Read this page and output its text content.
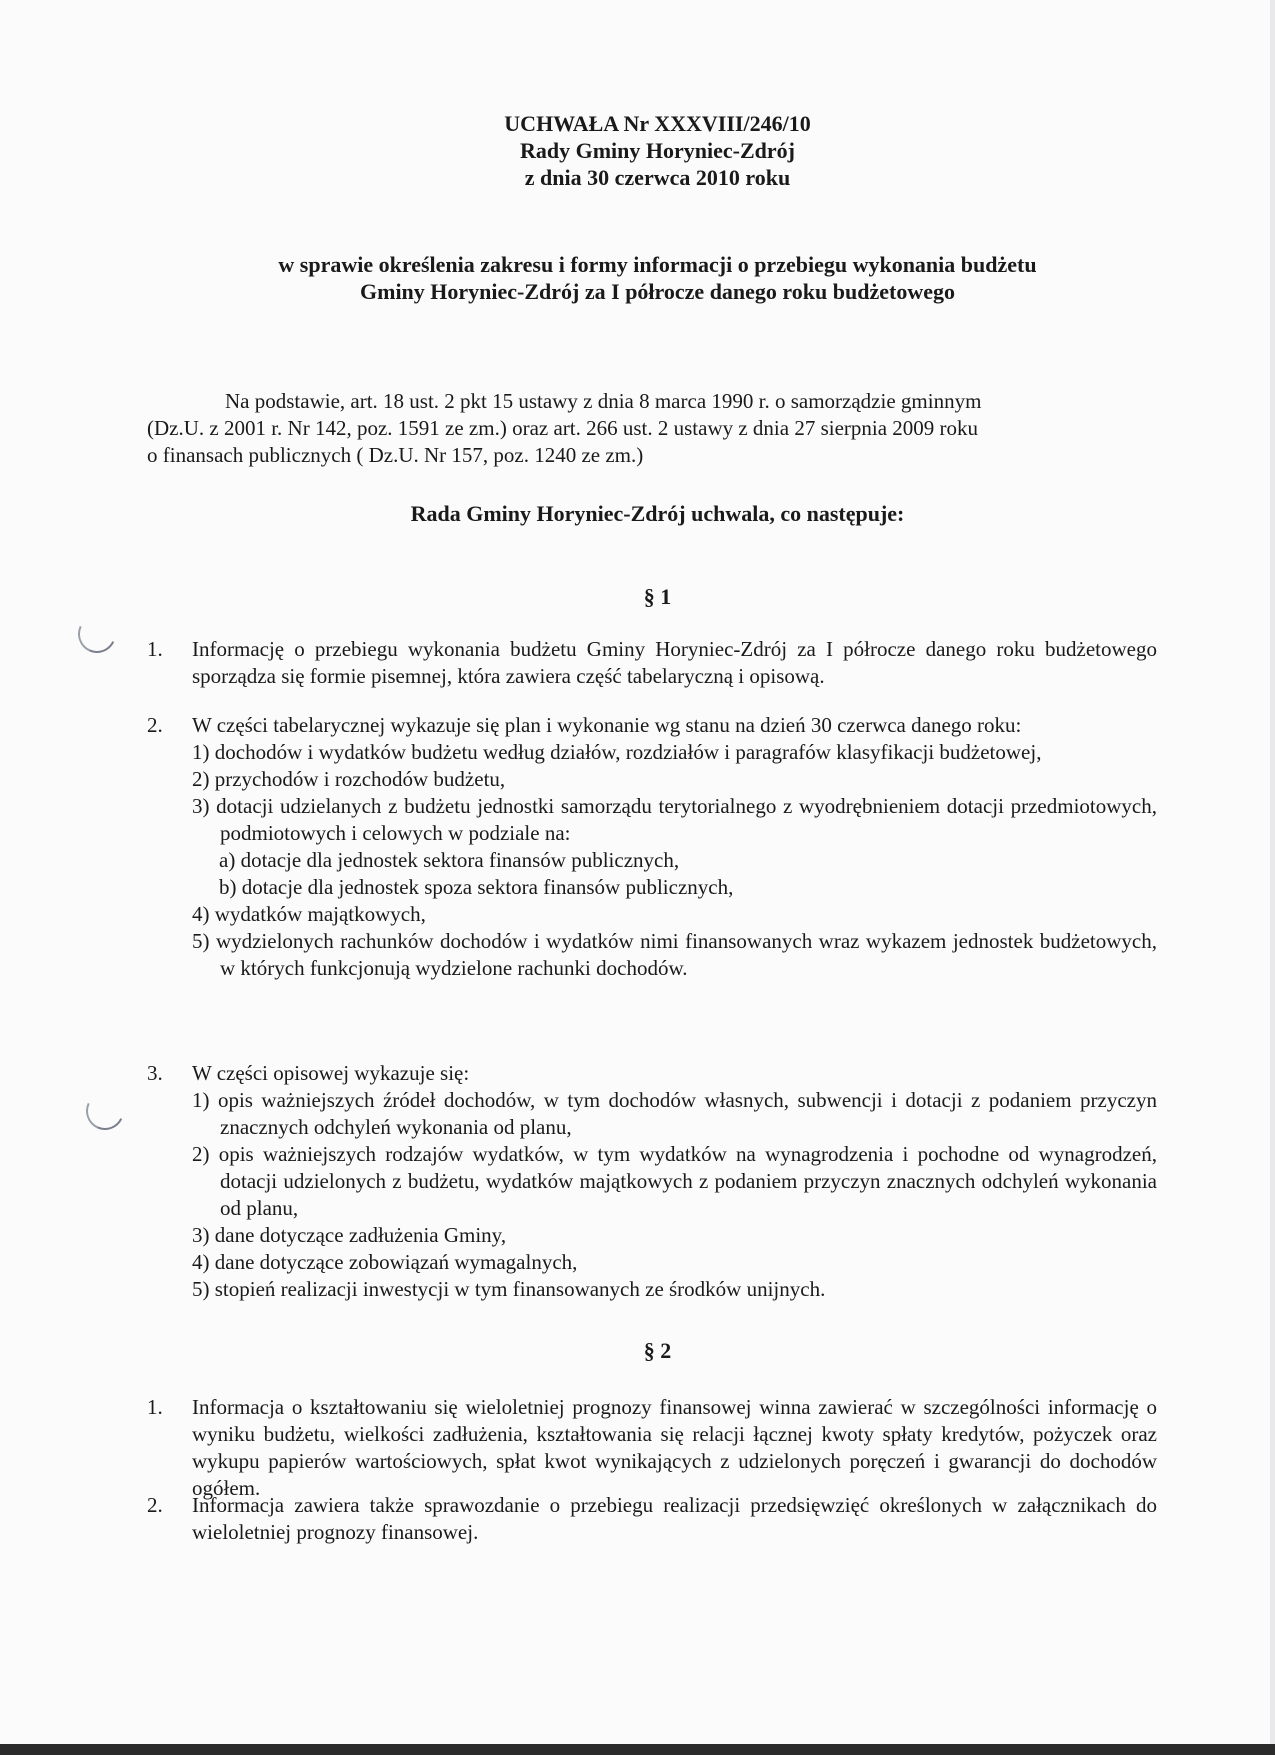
UCHWAŁA Nr XXXVIII/246/10
Rady Gminy Horyniec-Zdrój
z dnia 30 czerwca 2010 roku
w sprawie określenia zakresu i formy informacji o przebiegu wykonania budżetu
Gminy Horyniec-Zdrój za I półrocze danego roku budżetowego
Na podstawie, art. 18 ust. 2 pkt 15 ustawy z dnia 8 marca 1990 r. o samorządzie gminnym
(Dz.U. z 2001 r. Nr 142, poz. 1591 ze zm.) oraz art. 266 ust. 2 ustawy z dnia 27 sierpnia 2009 roku
o finansach publicznych ( Dz.U. Nr 157, poz. 1240 ze zm.)
Rada Gminy Horyniec-Zdrój uchwala, co następuje:
§ 1
1.	Informację o przebiegu wykonania budżetu Gminy Horyniec-Zdrój za I półrocze danego roku budżetowego sporządza się formie pisemnej, która zawiera część tabelaryczną i opisową.
2.	W części tabelarycznej wykazuje się plan i wykonanie wg stanu na dzień 30 czerwca danego roku:
1) dochodów i wydatków budżetu według działów, rozdziałów i paragrafów klasyfikacji budżetowej,
2) przychodów i rozchodów budżetu,
3) dotacji udzielanych z budżetu jednostki samorządu terytorialnego z wyodrębnieniem dotacji przedmiotowych, podmiotowych i celowych w podziale na:
a) dotacje dla jednostek sektora finansów publicznych,
b) dotacje dla jednostek spoza sektora finansów publicznych,
4) wydatków majątkowych,
5) wydzielonych rachunków dochodów i wydatków nimi finansowanych wraz wykazem jednostek budżetowych, w których funkcjonują wydzielone rachunki dochodów.
3.	W części opisowej wykazuje się:
1) opis ważniejszych źródeł dochodów, w tym dochodów własnych, subwencji i dotacji z podaniem przyczyn znacznych odchyleń wykonania od planu,
2) opis ważniejszych rodzajów wydatków, w tym wydatków na wynagrodzenia i pochodne od wynagrodzeń, dotacji udzielonych z budżetu, wydatków majątkowych z podaniem przyczyn znacznych odchyleń wykonania od planu,
3) dane dotyczące zadłużenia Gminy,
4) dane dotyczące zobowiązań wymagalnych,
5) stopień realizacji inwestycji w tym finansowanych ze środków unijnych.
§ 2
1.	Informacja o kształtowaniu się wieloletniej prognozy finansowej winna zawierać w szczególności informację o wyniku budżetu, wielkości zadłużenia, kształtowania się relacji łącznej kwoty spłaty kredytów, pożyczek oraz wykupu papierów wartościowych, spłat kwot wynikających z udzielonych poręczeń i gwarancji do dochodów ogółem.
2.	Informacja zawiera także sprawozdanie o przebiegu realizacji przedsięwzięć określonych w załącznikach do wieloletniej prognozy finansowej.
